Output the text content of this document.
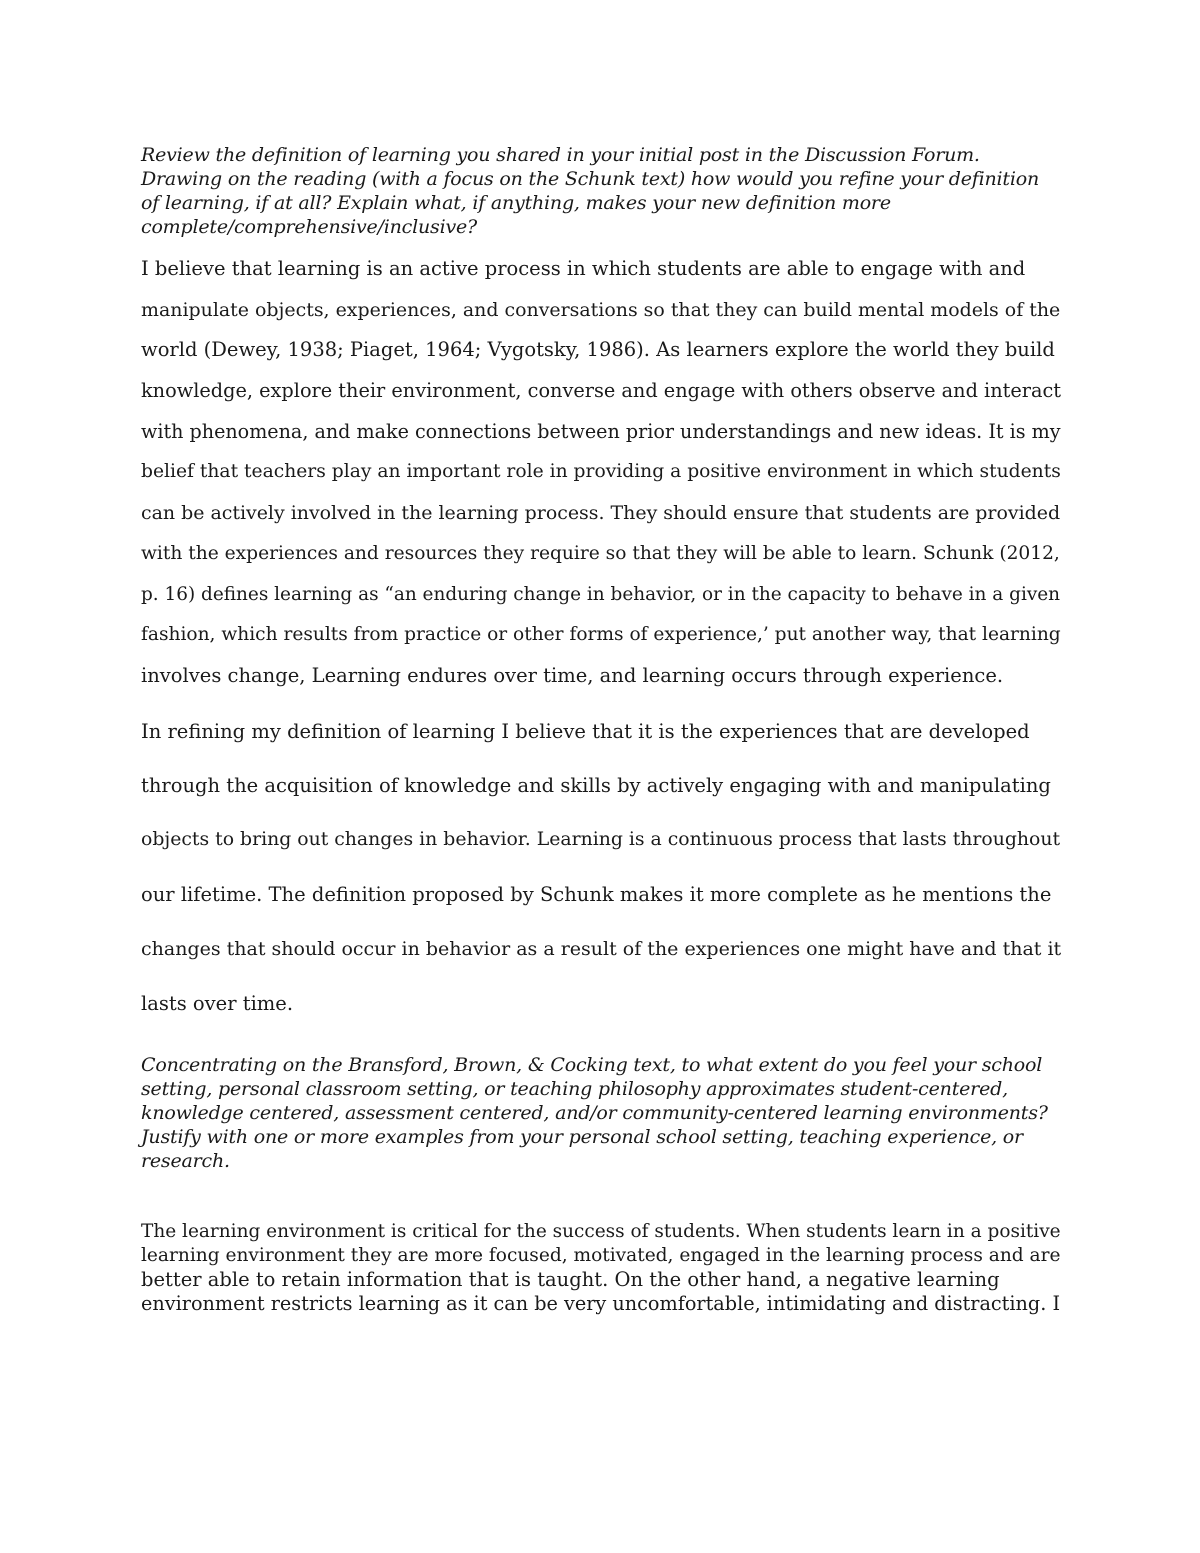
Review the definition of learning you shared in your initial post in the Discussion Forum.
Drawing on the reading (with a focus on the Schunk text) how would you refine your definition
of learning, if at all? Explain what, if anything, makes your new definition more
complete/comprehensive/inclusive?
I believe that learning is an active process in which students are able to engage with and
manipulate objects, experiences, and conversations so that they can build mental models of the
world (Dewey, 1938; Piaget, 1964; Vygotsky, 1986). As learners explore the world they build
knowledge, explore their environment, converse and engage with others observe and interact
with phenomena, and make connections between prior understandings and new ideas. It is my
belief that teachers play an important role in providing a positive environment in which students
can be actively involved in the learning process. They should ensure that students are provided
with the experiences and resources they require so that they will be able to learn. Schunk (2012,
p. 16) defines learning as “an enduring change in behavior, or in the capacity to behave in a given
fashion, which results from practice or other forms of experience,’ put another way, that learning
involves change, Learning endures over time, and learning occurs through experience.
In refining my definition of learning I believe that it is the experiences that are developed
through the acquisition of knowledge and skills by actively engaging with and manipulating
objects to bring out changes in behavior. Learning is a continuous process that lasts throughout
our lifetime. The definition proposed by Schunk makes it more complete as he mentions the
changes that should occur in behavior as a result of the experiences one might have and that it
lasts over time.
Concentrating on the Bransford, Brown, & Cocking text, to what extent do you feel your school
setting, personal classroom setting, or teaching philosophy approximates student-centered,
knowledge centered, assessment centered, and/or community-centered learning environments?
Justify with one or more examples from your personal school setting, teaching experience, or
research.
The learning environment is critical for the success of students. When students learn in a positive
learning environment they are more focused, motivated, engaged in the learning process and are
better able to retain information that is taught. On the other hand, a negative learning
environment restricts learning as it can be very uncomfortable, intimidating and distracting. I
